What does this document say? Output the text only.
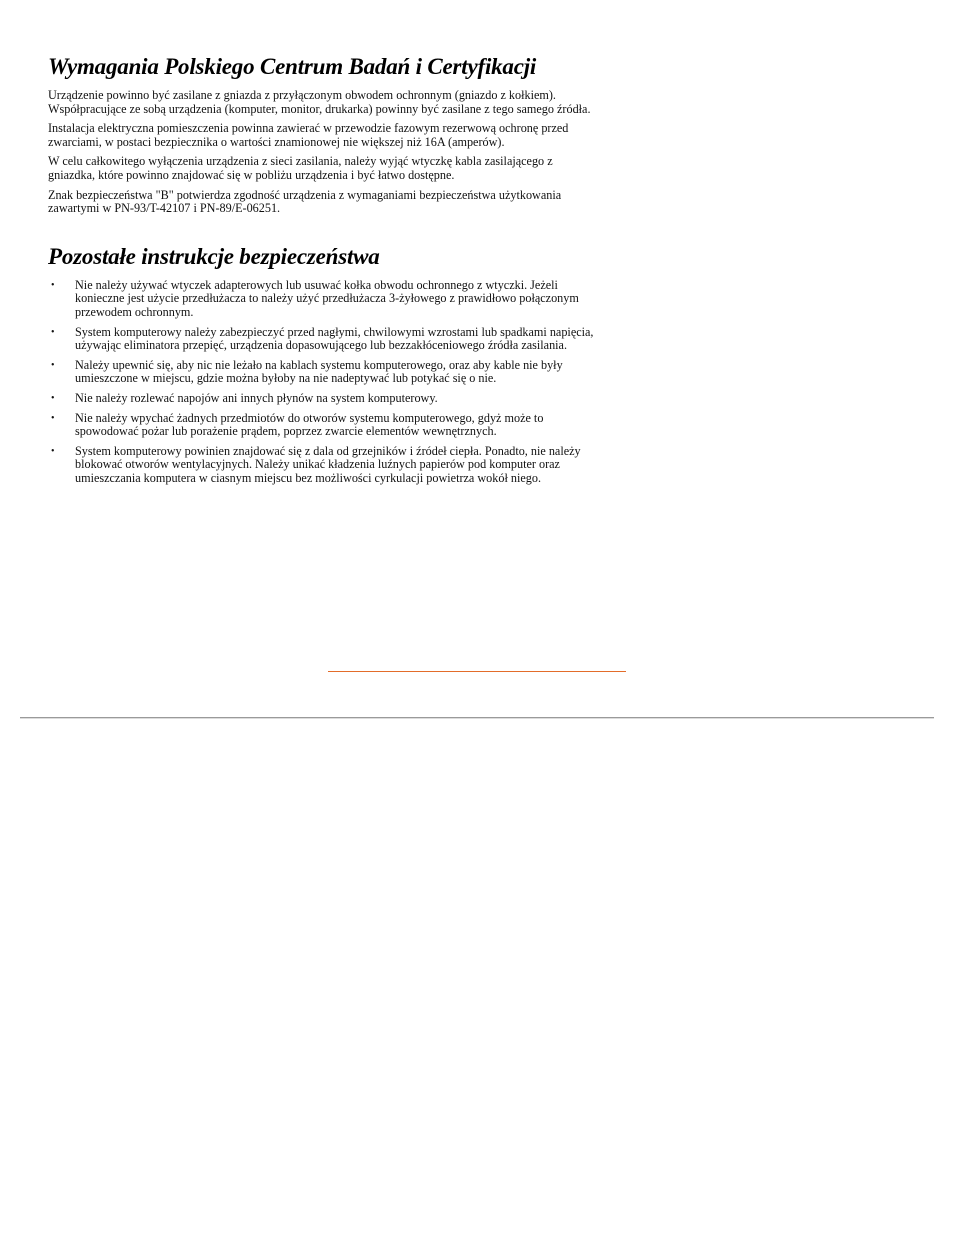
Wymagania Polskiego Centrum Badań i Certyfikacji

Urządzenie powinno być zasilane z gniazda z przyłączonym obwodem ochronnym (gniazdo z kołkiem). Współpracujące ze sobą urządzenia (komputer, monitor, drukarka) powinny być zasilane z tego samego źródła.

Instalacja elektryczna pomieszczenia powinna zawierać w przewodzie fazowym rezerwową ochronę przed zwarciami, w postaci bezpiecznika o wartości znamionowej nie większej niż 16A (amperów).

W celu całkowitego wyłączenia urządzenia z sieci zasilania, należy wyjąć wtyczkę kabla zasilającego z gniazdka, które powinno znajdować się w pobliżu urządzenia i być łatwo dostępne.

Znak bezpieczeństwa "B" potwierdza zgodność urządzenia z wymaganiami bezpieczeństwa użytkowania zawartymi w PN-93/T-42107 i PN-89/E-06251.

Pozostałe instrukcje bezpieczeństwa
• Nie należy używać wtyczek adapterowych lub usuwać kołka obwodu ochronnego z wtyczki. Jeżeli konieczne jest użycie przedłużacza to należy użyć przedłużacza 3-żyłowego z prawidłowo połączonym przewodem ochronnym.
• System komputerowy należy zabezpieczyć przed nagłymi, chwilowymi wzrostami lub spadkami napięcia, używając eliminatora przepięć, urządzenia dopasowującego lub bezzakłóceniowego źródła zasilania.
• Należy upewnić się, aby nic nie leżało na kablach systemu komputerowego, oraz aby kable nie były umieszczone w miejscu, gdzie można byłoby na nie nadeptywać lub potykać się o nie.
• Nie należy rozlewać napojów ani innych płynów na system komputerowy.
• Nie należy wpychać żadnych przedmiotów do otworów systemu komputerowego, gdyż może to spowodować pożar lub porażenie prądem, poprzez zwarcie elementów wewnętrznych.
• System komputerowy powinien znajdować się z dala od grzejników i źródeł ciepła. Ponadto, nie należy blokować otworów wentylacyjnych. Należy unikać kładzenia luźnych papierów pod komputer oraz umieszczania komputera w ciasnym miejscu bez możliwości cyrkulacji powietrza wokół niego.
